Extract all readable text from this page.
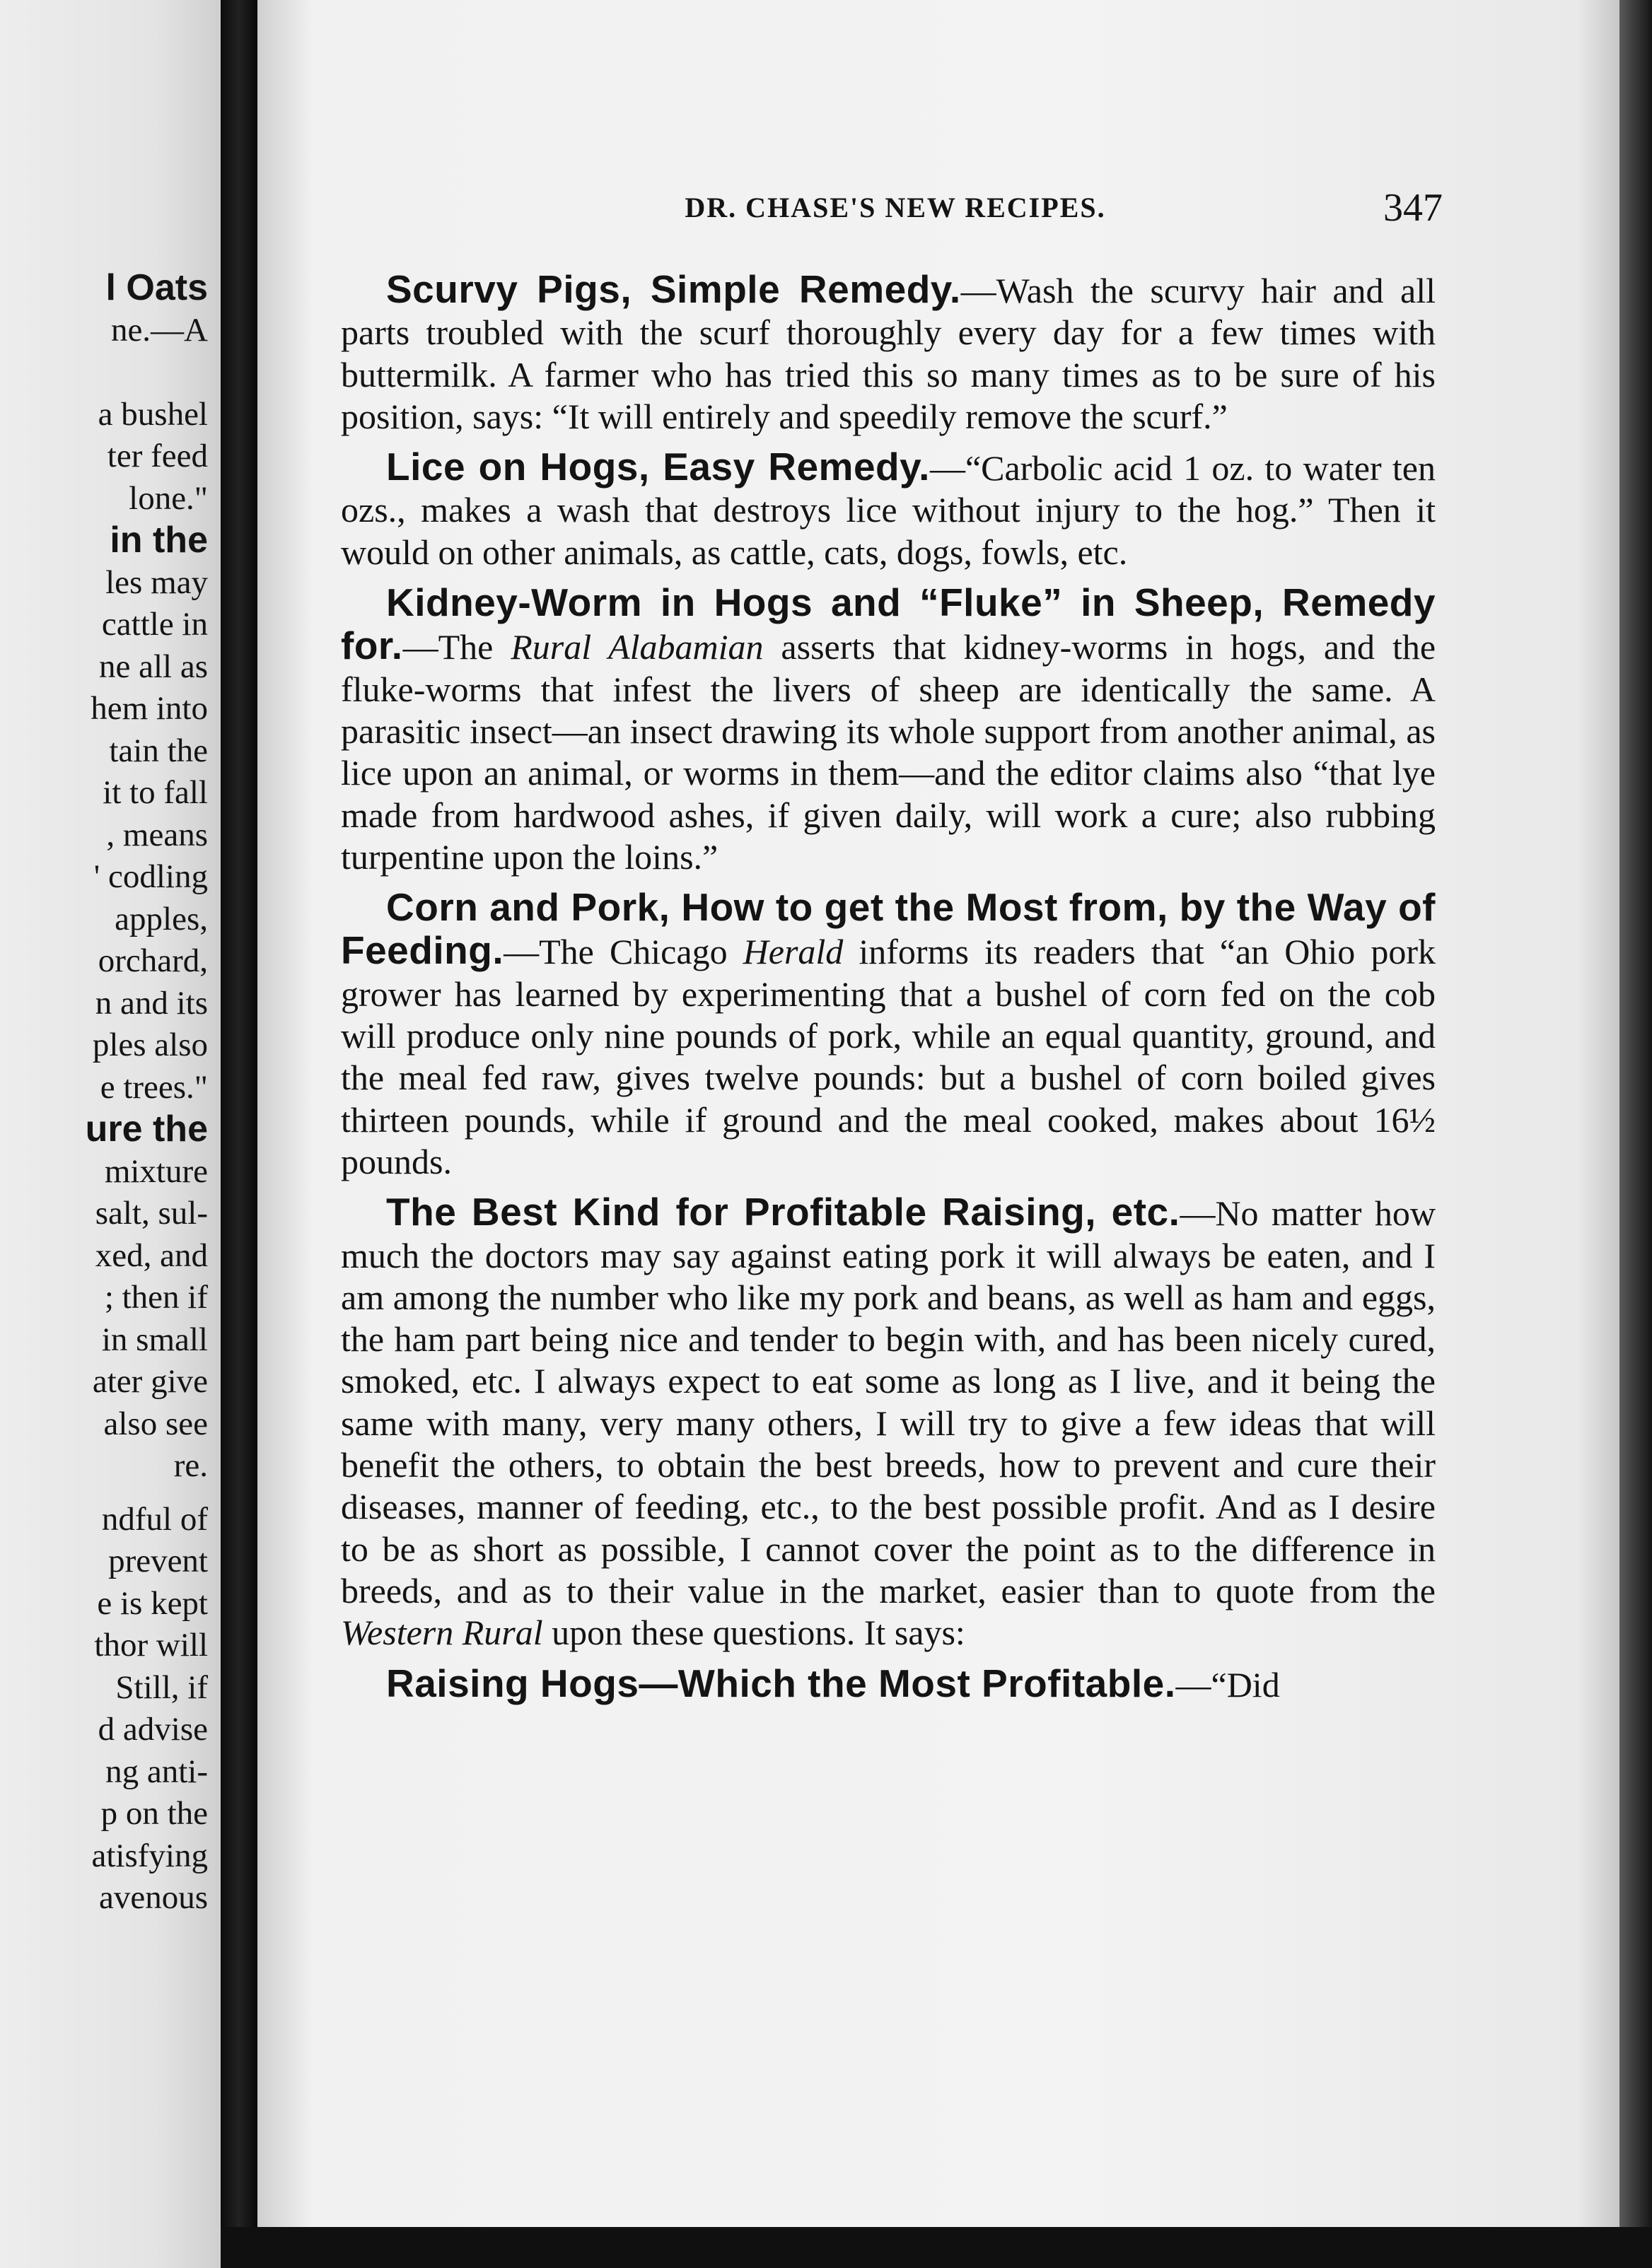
l Oats
ne.—A
a bushel
ter feed
lone."
in the
les may
cattle in
ne all as
hem into
tain the
it to fall
, means
' codling
apples,
orchard,
n and its
ples also
e trees."
ure the
mixture
salt, sul-
xed, and
; then if
in small
ater give
also see
re.
ndful of
prevent
e is kept
thor will
Still, if
d advise
ng anti-
p on the
atisfying
avenous
DR. CHASE'S NEW RECIPES.	347

Scurvy Pigs, Simple Remedy.—Wash the scurvy hair and all parts troubled with the scurf thoroughly every day for a few times with buttermilk. A farmer who has tried this so many times as to be sure of his position, says: “It will entirely and speedily remove the scurf.”

Lice on Hogs, Easy Remedy.—“Carbolic acid 1 oz. to water ten ozs., makes a wash that destroys lice without injury to the hog.” Then it would on other animals, as cattle, cats, dogs, fowls, etc.

Kidney-Worm in Hogs and “Fluke” in Sheep, Remedy for.—The Rural Alabamian asserts that kidney-worms in hogs, and the fluke-worms that infest the livers of sheep are identically the same. A parasitic insect—an insect drawing its whole support from another animal, as lice upon an animal, or worms in them—and the editor claims also “that lye made from hardwood ashes, if given daily, will work a cure; also rubbing turpentine upon the loins.”

Corn and Pork, How to get the Most from, by the Way of Feeding.—The Chicago Herald informs its readers that “an Ohio pork grower has learned by experimenting that a bushel of corn fed on the cob will produce only nine pounds of pork, while an equal quantity, ground, and the meal fed raw, gives twelve pounds: but a bushel of corn boiled gives thirteen pounds, while if ground and the meal cooked, makes about 16½ pounds.

The Best Kind for Profitable Raising, etc.—No matter how much the doctors may say against eating pork it will always be eaten, and I am among the number who like my pork and beans, as well as ham and eggs, the ham part being nice and tender to begin with, and has been nicely cured, smoked, etc. I always expect to eat some as long as I live, and it being the same with many, very many others, I will try to give a few ideas that will benefit the others, to obtain the best breeds, how to prevent and cure their diseases, manner of feeding, etc., to the best possible profit. And as I desire to be as short as possible, I cannot cover the point as to the difference in breeds, and as to their value in the market, easier than to quote from the Western Rural upon these questions. It says:

Raising Hogs—Which the Most Profitable.—“Did
